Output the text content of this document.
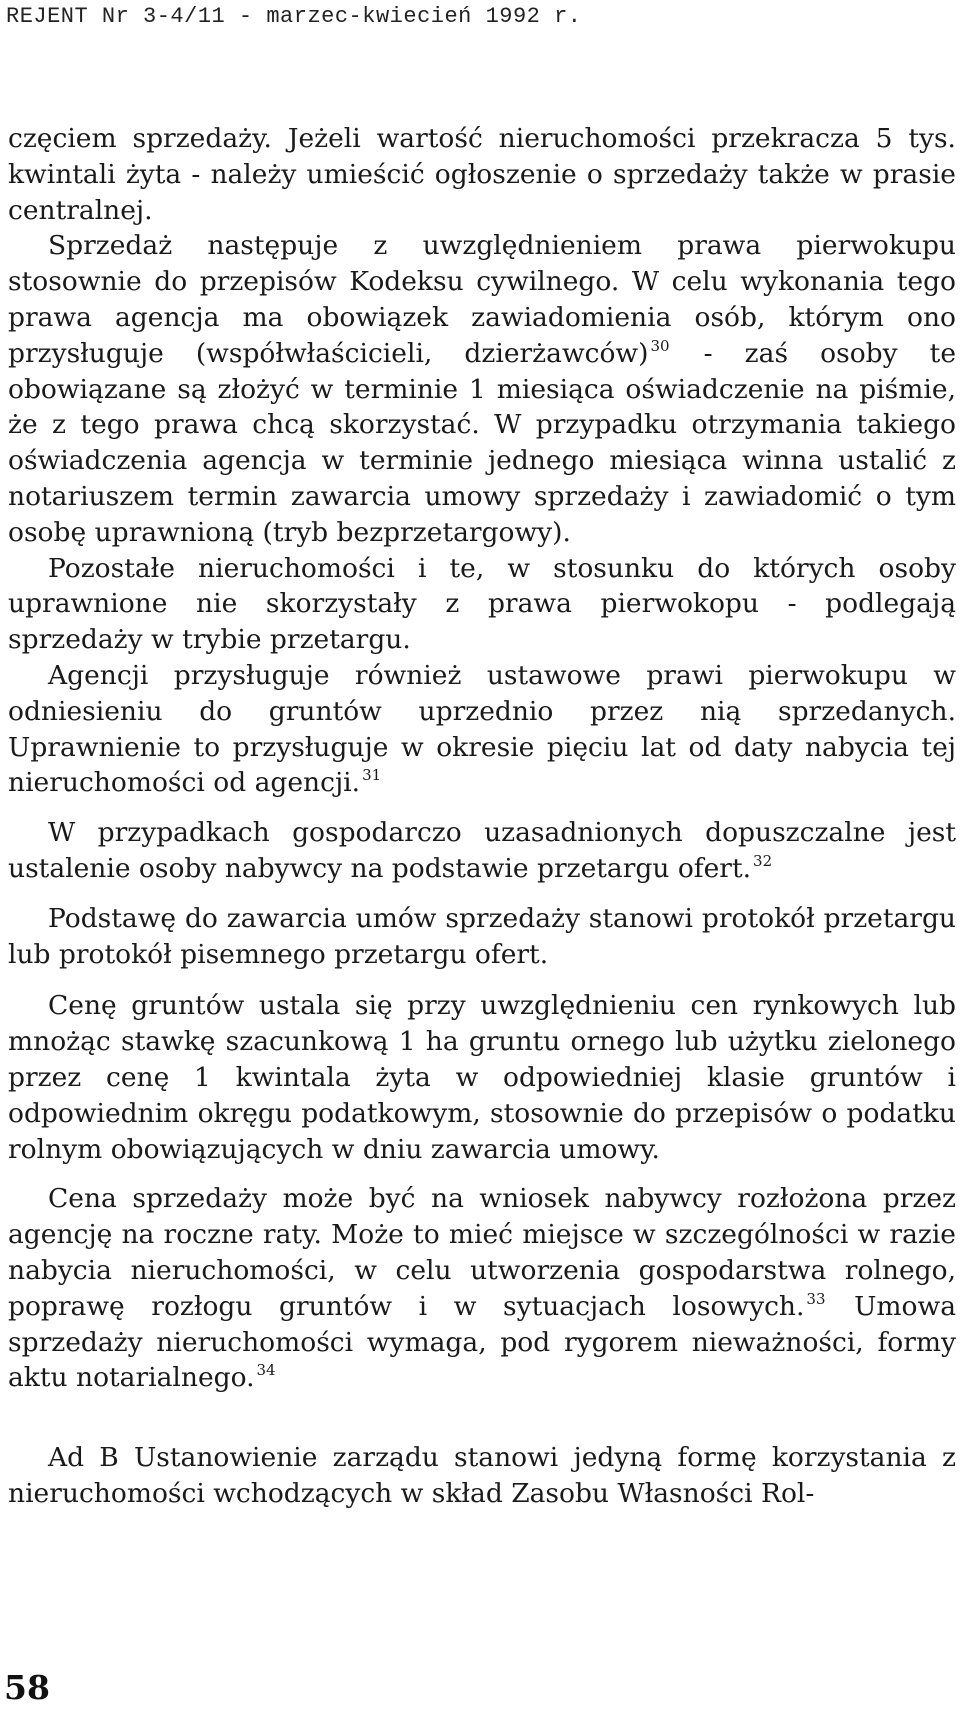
REJENT Nr 3-4/11 - marzec-kwiecień 1992 r.

częciem sprzedaży. Jeżeli wartość nieruchomości przekracza 5 tys. kwintali żyta - należy umieścić ogłoszenie o sprzedaży także w prasie centralnej.

Sprzedaż następuje z uwzględnieniem prawa pierwokupu stosownie do przepisów Kodeksu cywilnego. W celu wykonania tego prawa agencja ma obowiązek zawiadomienia osób, którym ono przysługuje (współwłaścicieli, dzierżawców) $^{30}$ - zaś osoby te obowiązane są złożyć w terminie 1 miesiąca oświadczenie na piśmie, że z tego prawa chcą skorzystać. W przypadku otrzymania takiego oświadczenia agencja w terminie jednego miesiąca winna ustalić z notariuszem termin zawarcia umowy sprzedaży i zawiadomić o tym osobę uprawnioną (tryb bezprzetargowy).

Pozostałe nieruchomości i te, w stosunku do których osoby uprawnione nie skorzystały z prawa pierwokopu - podlegają sprzedaży w trybie przetargu.

Agencji przysługuje również ustawowe prawi pierwokupu w odniesieniu do gruntów uprzednio przez nią sprzedanych. Uprawnienie to przysługuje w okresie pięciu lat od daty nabycia tej nieruchomości od agencji. $^{31}$

W przypadkach gospodarczo uzasadnionych dopuszczalne jest ustalenie osoby nabywcy na podstawie przetargu ofert. $^{32}$

Podstawę do zawarcia umów sprzedaży stanowi protokół przetargu lub protokół pisemnego przetargu ofert.

Cenę gruntów ustala się przy uwzględnieniu cen rynkowych lub mnożąc stawkę szacunkową 1 ha gruntu ornego lub użytku zielonego przez cenę 1 kwintala żyta w odpowiedniej klasie gruntów i odpowiednim okręgu podatkowym, stosownie do przepisów o podatku rolnym obowiązujących w dniu zawarcia umowy.

Cena sprzedaży może być na wniosek nabywcy rozłożona przez agencję na roczne raty. Może to mieć miejsce w szczególności w razie nabycia nieruchomości, w celu utworzenia gospodarstwa rolnego, poprawę rozłogu gruntów i w sytuacjach losowych. $^{33}$ Umowa sprzedaży nieruchomości wymaga, pod rygorem nieważności, formy aktu notarialnego. $^{34}$

Ad B Ustanowienie zarządu stanowi jedyną formę korzystania z nieruchomości wchodzących w skład Zasobu Własności Rol-

58
